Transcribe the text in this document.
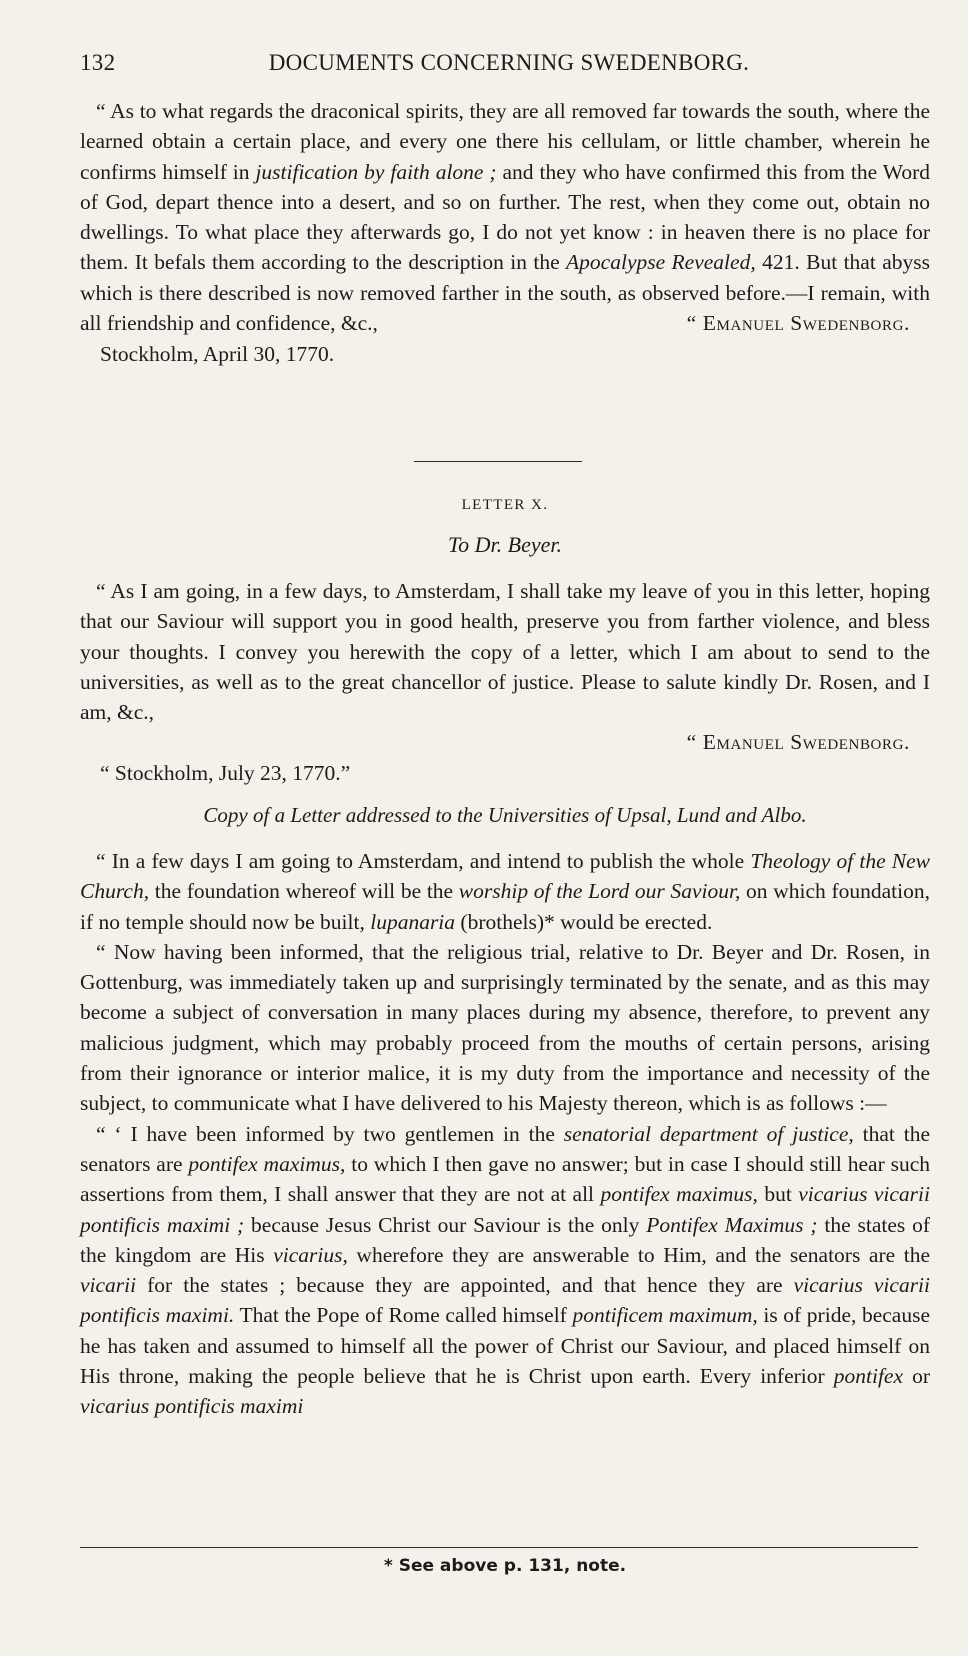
132	DOCUMENTS CONCERNING SWEDENBORG.

“ As to what regards the draconical spirits, they are all removed far towards the south, where the learned obtain a certain place, and every one there his cellulam, or little chamber, wherein he confirms himself in justification by faith alone ; and they who have confirmed this from the Word of God, depart thence into a desert, and so on further. The rest, when they come out, obtain no dwellings. To what place they afterwards go, I do not yet know : in heaven there is no place for them. It befals them according to the description in the Apocalypse Revealed, 421. But that abyss which is there described is now removed farther in the south, as observed before.—I remain, with all friendship and confidence, &c.,	“ Emanuel Swedenborg.
Stockholm, April 30, 1770.
LETTER X.
To Dr. Beyer.

“ As I am going, in a few days, to Amsterdam, I shall take my leave of you in this letter, hoping that our Saviour will support you in good health, preserve you from farther violence, and bless your thoughts. I convey you herewith the copy of a letter, which I am about to send to the universities, as well as to the great chancellor of justice. Please to salute kindly Dr. Rosen, and I am, &c.,

“ Emanuel Swedenborg.
“ Stockholm, July 23, 1770.”
Copy of a Letter addressed to the Universities of Upsal, Lund and Albo.

“ In a few days I am going to Amsterdam, and intend to publish the whole Theology of the New Church, the foundation whereof will be the worship of the Lord our Saviour, on which foundation, if no temple should now be built, lupanaria (brothels)* would be erected.

“ Now having been informed, that the religious trial, relative to Dr. Beyer and Dr. Rosen, in Gottenburg, was immediately taken up and surprisingly terminated by the senate, and as this may become a subject of conversation in many places during my absence, therefore, to prevent any malicious judgment, which may probably proceed from the mouths of certain persons, arising from their ignorance or interior malice, it is my duty from the importance and necessity of the subject, to communicate what I have delivered to his Majesty thereon, which is as follows :—

“ ‘ I have been informed by two gentlemen in the senatorial department of justice, that the senators are pontifex maximus, to which I then gave no answer; but in case I should still hear such assertions from them, I shall answer that they are not at all pontifex maximus, but vicarius vicarii pontificis maximi ; because Jesus Christ our Saviour is the only Pontifex Maximus ; the states of the kingdom are His vicarius, wherefore they are answerable to Him, and the senators are the vicarii for the states ; because they are appointed, and that hence they are vicarius vicarii pontificis maximi. That the Pope of Rome called himself pontificem maximum, is of pride, because he has taken and assumed to himself all the power of Christ our Saviour, and placed himself on His throne, making the people believe that he is Christ upon earth. Every inferior pontifex or vicarius pontificis maximi

* See above p. 131, note.
